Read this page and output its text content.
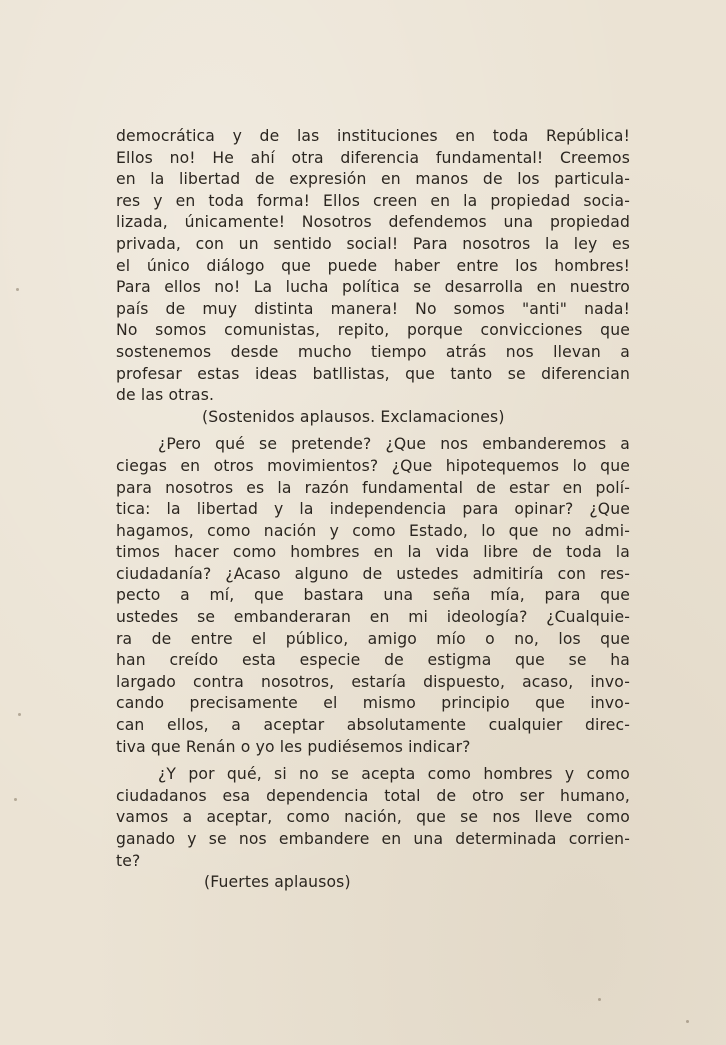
democrática y de las instituciones en toda República!
Ellos no! He ahí otra diferencia fundamental! Creemos
en la libertad de expresión en manos de los particula-
res y en toda forma! Ellos creen en la propiedad socia-
lizada, únicamente! Nosotros defendemos una propiedad
privada, con un sentido social! Para nosotros la ley es
el único diálogo que puede haber entre los hombres!
Para ellos no! La lucha política se desarrolla en nuestro
país de muy distinta manera! No somos "anti" nada!
No somos comunistas, repito, porque convicciones que
sostenemos desde mucho tiempo atrás nos llevan a
profesar estas ideas batllistas, que tanto se diferencian
de las otras.
(Sostenidos aplausos. Exclamaciones)
¿Pero qué se pretende? ¿Que nos embanderemos a
ciegas en otros movimientos? ¿Que hipotequemos lo que
para nosotros es la razón fundamental de estar en polí-
tica: la libertad y la independencia para opinar? ¿Que
hagamos, como nación y como Estado, lo que no admi-
timos hacer como hombres en la vida libre de toda la
ciudadanía? ¿Acaso alguno de ustedes admitiría con res-
pecto a mí, que bastara una seña mía, para que
ustedes se embanderaran en mi ideología? ¿Cualquie-
ra de entre el público, amigo mío o no, los que
han creído esta especie de estigma que se ha
largado contra nosotros, estaría dispuesto, acaso, invo-
cando precisamente el mismo principio que invo-
can ellos, a aceptar absolutamente cualquier direc-
tiva que Renán o yo les pudiésemos indicar?
¿Y por qué, si no se acepta como hombres y como
ciudadanos esa dependencia total de otro ser humano,
vamos a aceptar, como nación, que se nos lleve como
ganado y se nos embandere en una determinada corrien-
te?
(Fuertes aplausos)
